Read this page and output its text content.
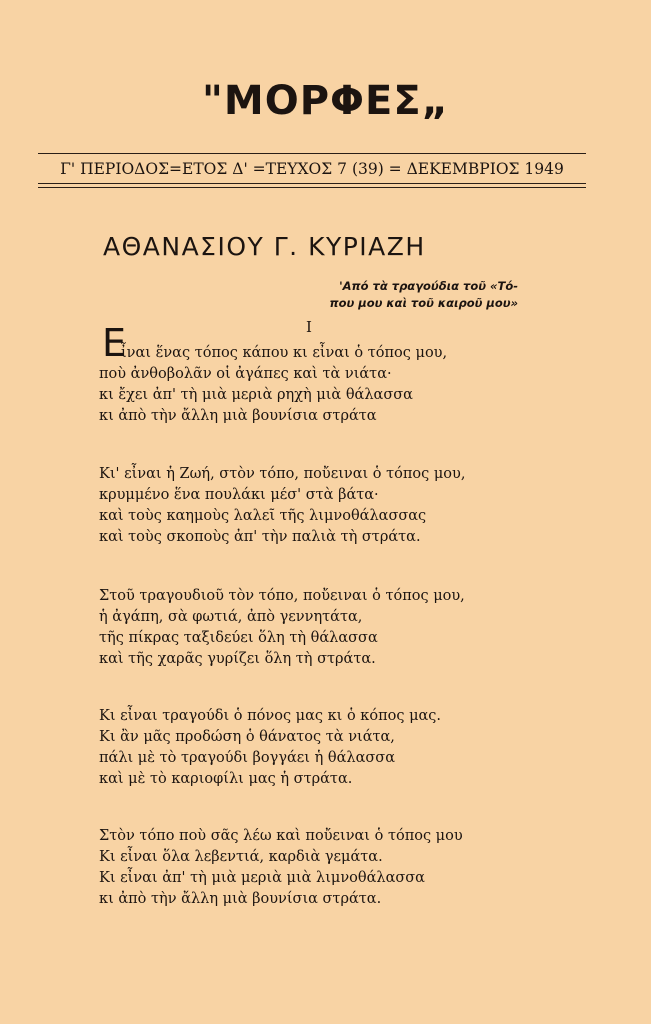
"ΜΟΡΦΕΣ„
Γ' ΠΕΡΙΟΔΟΣ=ΕΤΟΣ Δ' =ΤΕΥΧΟΣ 7 (39) = ΔΕΚΕΜΒΡΙΟΣ 1949
ΑΘΑΝΑΣΙΟΥ Γ. ΚΥΡΙΑΖΗ
'Από τὰ τραγούδια τοῦ «Τό-
που μου καὶ τοῦ καιροῦ μου»
I
Ε
ἶναι ἕνας τόπος κάπου κι εἶναι ὁ τόπος μου,
ποὺ ἀνθοβολᾶν οἱ ἀγάπες καὶ τὰ νιάτα·
κι ἔχει ἀπ' τὴ μιὰ μεριὰ ρηχὴ μιὰ θάλασσα
κι ἀπὸ τὴν ἄλλη μιὰ βουνίσια στράτα
Κι' εἶναι ἡ Ζωή, στὸν τόπο, ποὔειναι ὁ τόπος μου,
κρυμμένο ἕνα πουλάκι μέσ' στὰ βάτα·
καὶ τοὺς καημοὺς λαλεῖ τῆς λιμνοθάλασσας
καὶ τοὺς σκοποὺς ἀπ' τὴν παλιὰ τὴ στράτα.
Στοῦ τραγουδιοῦ τὸν τόπο, ποὔειναι ὁ τόπος μου,
ἡ ἀγάπη, σὰ φωτιά, ἀπὸ γεννητάτα,
τῆς πίκρας ταξιδεύει ὅλη τὴ θάλασσα
καὶ τῆς χαρᾶς γυρίζει ὅλη τὴ στράτα.
Κι εἶναι τραγούδι ὁ πόνος μας κι ὁ κόπος μας.
Κι ἂν μᾶς προδώση ὁ θάνατος τὰ νιάτα,
πάλι μὲ τὸ τραγούδι βογγάει ἡ θάλασσα
καὶ μὲ τὸ καριοφίλι μας ἡ στράτα.
Στὸν τόπο ποὺ σᾶς λέω καὶ ποὔειναι ὁ τόπος μου
Κι εἶναι ὅλα λεβεντιά, καρδιὰ γεμάτα.
Κι εἶναι ἀπ' τὴ μιὰ μεριὰ μιὰ λιμνοθάλασσα
κι ἀπὸ τὴν ἄλλη μιὰ βουνίσια στράτα.
